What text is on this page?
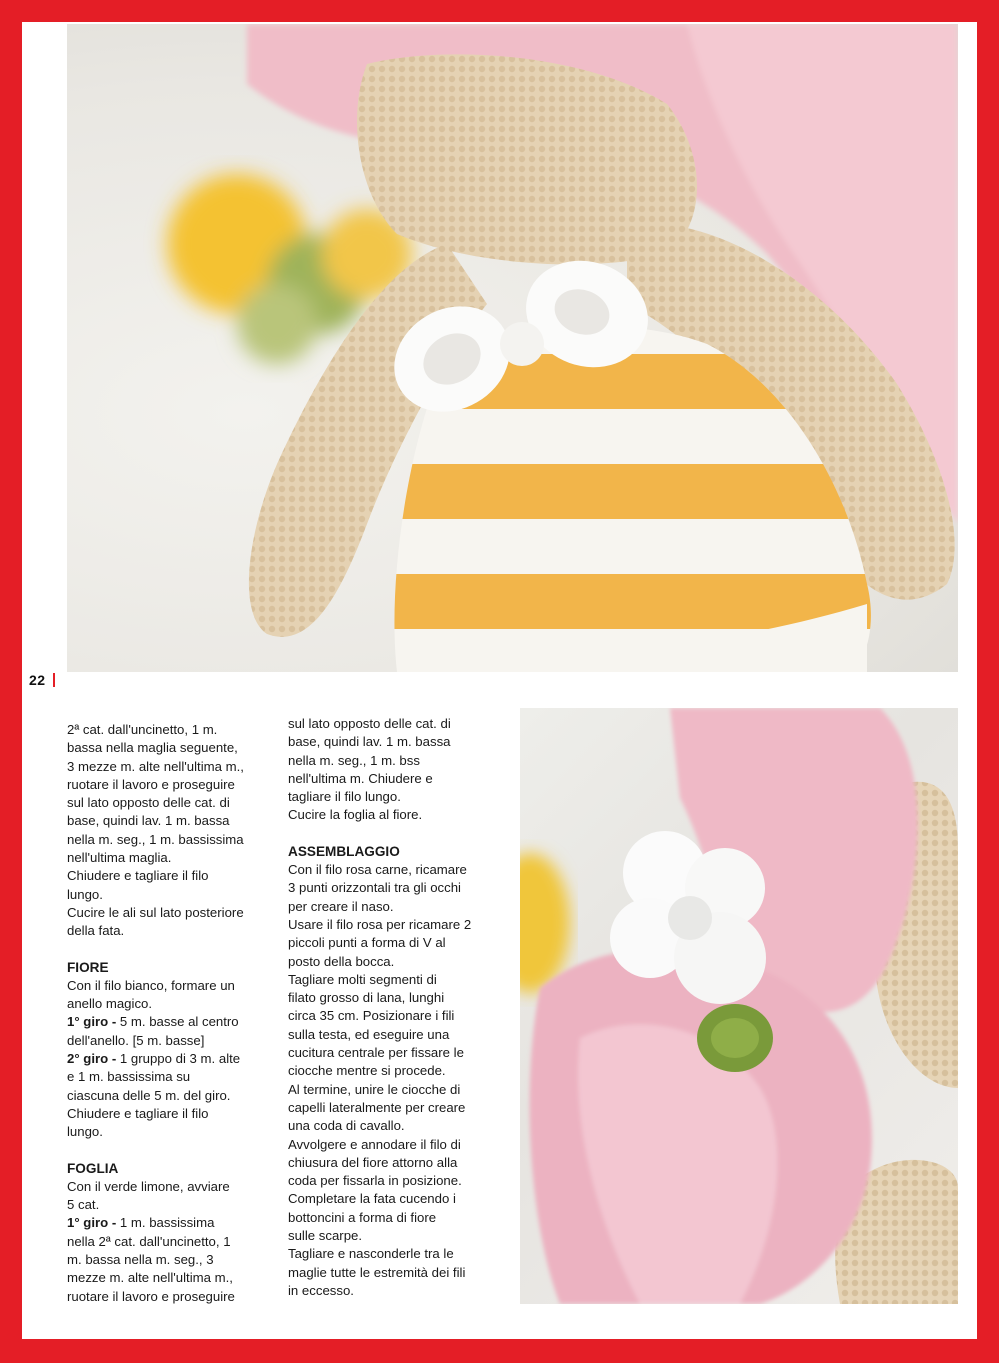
22

2ª cat. dall'uncinetto, 1 m.

bassa nella maglia seguente,

3 mezze m. alte nell'ultima m.,

ruotare il lavoro e proseguire

sul lato opposto delle cat. di

base, quindi lav. 1 m. bassa

nella m. seg., 1 m. bassissima

nell'ultima maglia.

Chiudere e tagliare il filo

lungo.

Cucire le ali sul lato posteriore

della fata.

FIORE

Con il filo bianco, formare un

anello magico.

1° giro - 5 m. basse al centro

dell'anello. [5 m. basse]

2° giro - 1 gruppo di 3 m. alte

e 1 m. bassissima su

ciascuna delle 5 m. del giro.

Chiudere e tagliare il filo

lungo.

FOGLIA

Con il verde limone, avviare

5 cat.

1° giro - 1 m. bassissima

nella 2ª cat. dall'uncinetto, 1

m. bassa nella m. seg., 3

mezze m. alte nell'ultima m.,

ruotare il lavoro e proseguire

sul lato opposto delle cat. di

base, quindi lav. 1 m. bassa

nella m. seg., 1 m. bss

nell'ultima m. Chiudere e

tagliare il filo lungo.

Cucire la foglia al fiore.

ASSEMBLAGGIO

Con il filo rosa carne, ricamare

3 punti orizzontali tra gli occhi

per creare il naso.

Usare il filo rosa per ricamare 2

piccoli punti a forma di V al

posto della bocca.

Tagliare molti segmenti di

filato grosso di lana, lunghi

circa 35 cm. Posizionare i fili

sulla testa, ed eseguire una

cucitura centrale per fissare le

ciocche mentre si procede.

Al termine, unire le ciocche di

capelli lateralmente per creare

una coda di cavallo.

Avvolgere e annodare il filo di

chiusura del fiore attorno alla

coda per fissarla in posizione.

Completare la fata cucendo i

bottoncini a forma di fiore

sulle scarpe.

Tagliare e nasconderle tra le

maglie tutte le estremità dei fili

in eccesso.
